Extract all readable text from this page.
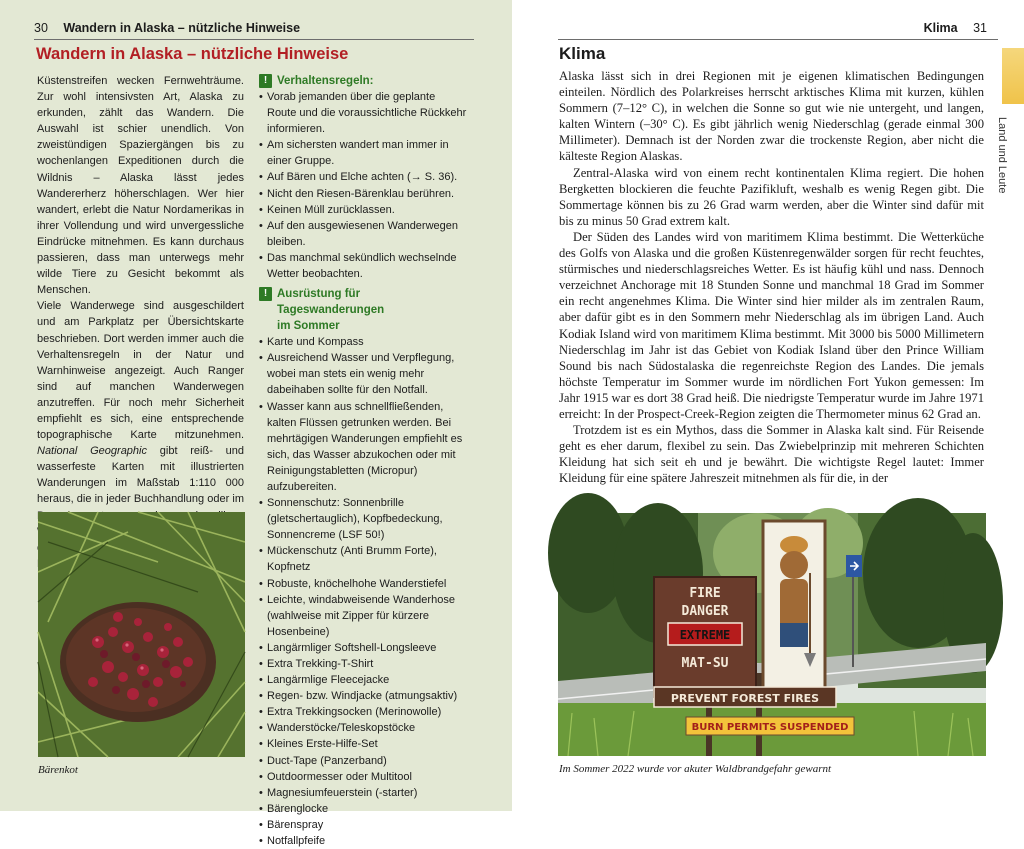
30 Wandern in Alaska – nützliche Hinweise
Wandern in Alaska – nützliche Hinweise

Küstenstreifen wecken Fernwehträume. Zur wohl intensivsten Art, Alaska zu erkunden, zählt das Wandern. Die Auswahl ist schier unendlich. Von zweistündigen Spaziergängen bis zu wochenlangen Expeditionen durch die Wildnis – Alaska lässt jedes Wandererherz höherschlagen. Wer hier wandert, erlebt die Natur Nordamerikas in ihrer Vollendung und wird unvergessliche Eindrücke mitnehmen. Es kann durchaus passieren, dass man unterwegs mehr wilde Tiere zu Gesicht bekommt als Menschen.

Viele Wanderwege sind ausgeschildert und am Parkplatz per Übersichtskarte beschrieben. Dort werden immer auch die Verhaltensregeln in der Natur und Warnhinweise angezeigt. Auch Ranger sind auf manchen Wanderwegen anzutreffen. Für noch mehr Sicherheit empfiehlt es sich, eine entsprechende topographische Karte mitzunehmen. National Geographic gibt reiß- und wasserfeste Karten mit illustrierten Wanderungen im Maßstab 1:110 000 heraus, die in jeder Buchhandlung oder im

! Verhaltensregeln:
• Vorab jemanden über die geplante Route und die voraussichtliche Rückkehr informieren.
• Am sichersten wandert man immer in einer Gruppe.
• Auf Bären und Elche achten (→ S. 36).
• Nicht den Riesen-Bärenklau berühren.
• Keinen Müll zurücklassen.
• Auf den ausgewiesenen Wanderwegen bleiben.
• Das manchmal sekündlich wechselnde Wetter beobachten.
! Ausrüstung für Tageswanderungen
im Sommer
• Karte und Kompass
• Ausreichend Wasser und Verpflegung, wobei man stets ein wenig mehr dabeihaben sollte für den Notfall.
• Wasser kann aus schnellfließenden, kalten Flüssen getrunken werden. Bei mehrtägigen Wanderungen empfiehlt es sich, das Wasser abzukochen oder mit Reinigungstabletten (Micropur) aufzubereiten.
• Sonnenschutz: Sonnenbrille (gletschertauglich), Kopfbedeckung, Sonnencreme (LSF 50!)
• Mückenschutz (Anti Brumm Forte), Kopfnetz
• Robuste, knöchelhohe Wanderstiefel
• Leichte, windabweisende Wanderhose (wahlweise mit Zipper für kürzere Hosenbeine)
• Langärmliger Softshell-Longsleeve
• Extra Trekking-T-Shirt
• Langärmlige Fleecejacke
• Regen- bzw. Windjacke (atmungsaktiv)
• Extra Trekkingsocken (Merinowolle)
• Wanderstöcke/Teleskopstöcke
• Kleines Erste-Hilfe-Set
• Duct-Tape (Panzerband)
• Outdoormesser oder Multitool
• Magnesiumfeuerstein (-starter)
• Bärenglocke
• Bärenspray
• Notfallpfeife
Bärenkot
Klima 31
Klima
Land und Leute

Alaska lässt sich in drei Regionen mit je eigenen klimatischen Bedingungen einteilen. Nördlich des Polarkreises herrscht arktisches Klima mit kurzen, kühlen Sommern (7–12° C), in welchen die Sonne so gut wie nie untergeht, und langen, kalten Wintern (–30° C). Es gibt jährlich wenig Niederschlag (gerade einmal 300 Millimeter). Demnach ist der Norden zwar die trockenste Region, aber nicht die kälteste Region Alaskas.

Zentral-Alaska wird von einem recht kontinentalen Klima regiert. Die hohen Bergketten blockieren die feuchte Pazifikluft, weshalb es wenig Regen gibt. Die Sommertage können bis zu 26 Grad warm werden, aber die Winter sind dafür mit bis zu minus 50 Grad extrem kalt.

Der Süden des Landes wird von maritimem Klima bestimmt. Die Wetterküche des Golfs von Alaska und die großen Küstenregenwälder sorgen für recht feuchtes, stürmisches und niederschlagsreiches Wetter. Es ist häufig kühl und nass. Dennoch verzeichnet Anchorage mit 18 Stunden Sonne und manchmal 18 Grad im Sommer ein recht angenehmes Klima. Die Winter sind hier milder als im zentralen Raum, aber dafür gibt es in den Sommern mehr Niederschlag als im übrigen Land. Auch Kodiak Island wird von maritimem Klima bestimmt. Mit 3000 bis 5000 Millimetern Niederschlag im Jahr ist das Gebiet von Kodiak Island über den Prince William Sound bis nach Südostalaska die regenreichste Region des Landes. Die jemals höchste Temperatur im Sommer wurde im nördlichen Fort Yukon gemessen: Im Jahr 1915 war es dort 38 Grad heiß. Die niedrigste Temperatur wurde im Jahre 1971 erreicht: In der Prospect-Creek-Region zeigten die Thermometer minus 62 Grad an.

Trotzdem ist es ein Mythos, dass die Sommer in Alaska kalt sind. Für Reisende geht es eher darum, flexibel zu sein. Das Zwiebelprinzip mit mehreren Schichten Kleidung hat sich seit eh und je bewährt. Die wichtigste Regel lautet: Immer Kleidung für eine spätere Jahreszeit mitnehmen als für die, in der

FIRE
DANGER
EXTREME
MAT-SU
PREVENT FOREST FIRES
BURN PERMITS SUSPENDED
Im Sommer 2022 wurde vor akuter Waldbrandgefahr gewarnt
